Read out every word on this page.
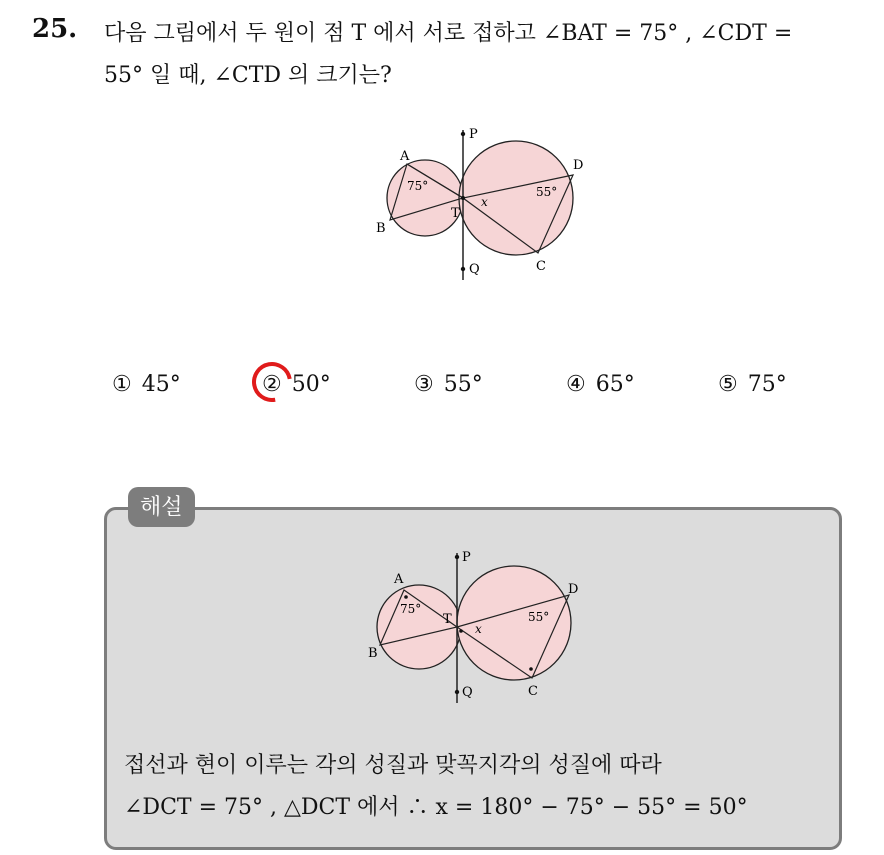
25. 다음 그림에서 두 원이 점 T 에서 서로 접하고 ∠BAT = 75° , ∠CDT =
55° 일 때, ∠CTD 의 크기는?
A
B
C
D
T
P
Q
x
75°	55°
① 45°	② 50°	③ 55°	④ 65°	⑤ 75°
해설
A
B
C
D
T
P
Q
x
75°
55°
접선과 현이 이루는 각의 성질과 맞꼭지각의 성질에 따라
∠DCT = 75° , △DCT 에서 ∴ x = 180° − 75° − 55° = 50°
